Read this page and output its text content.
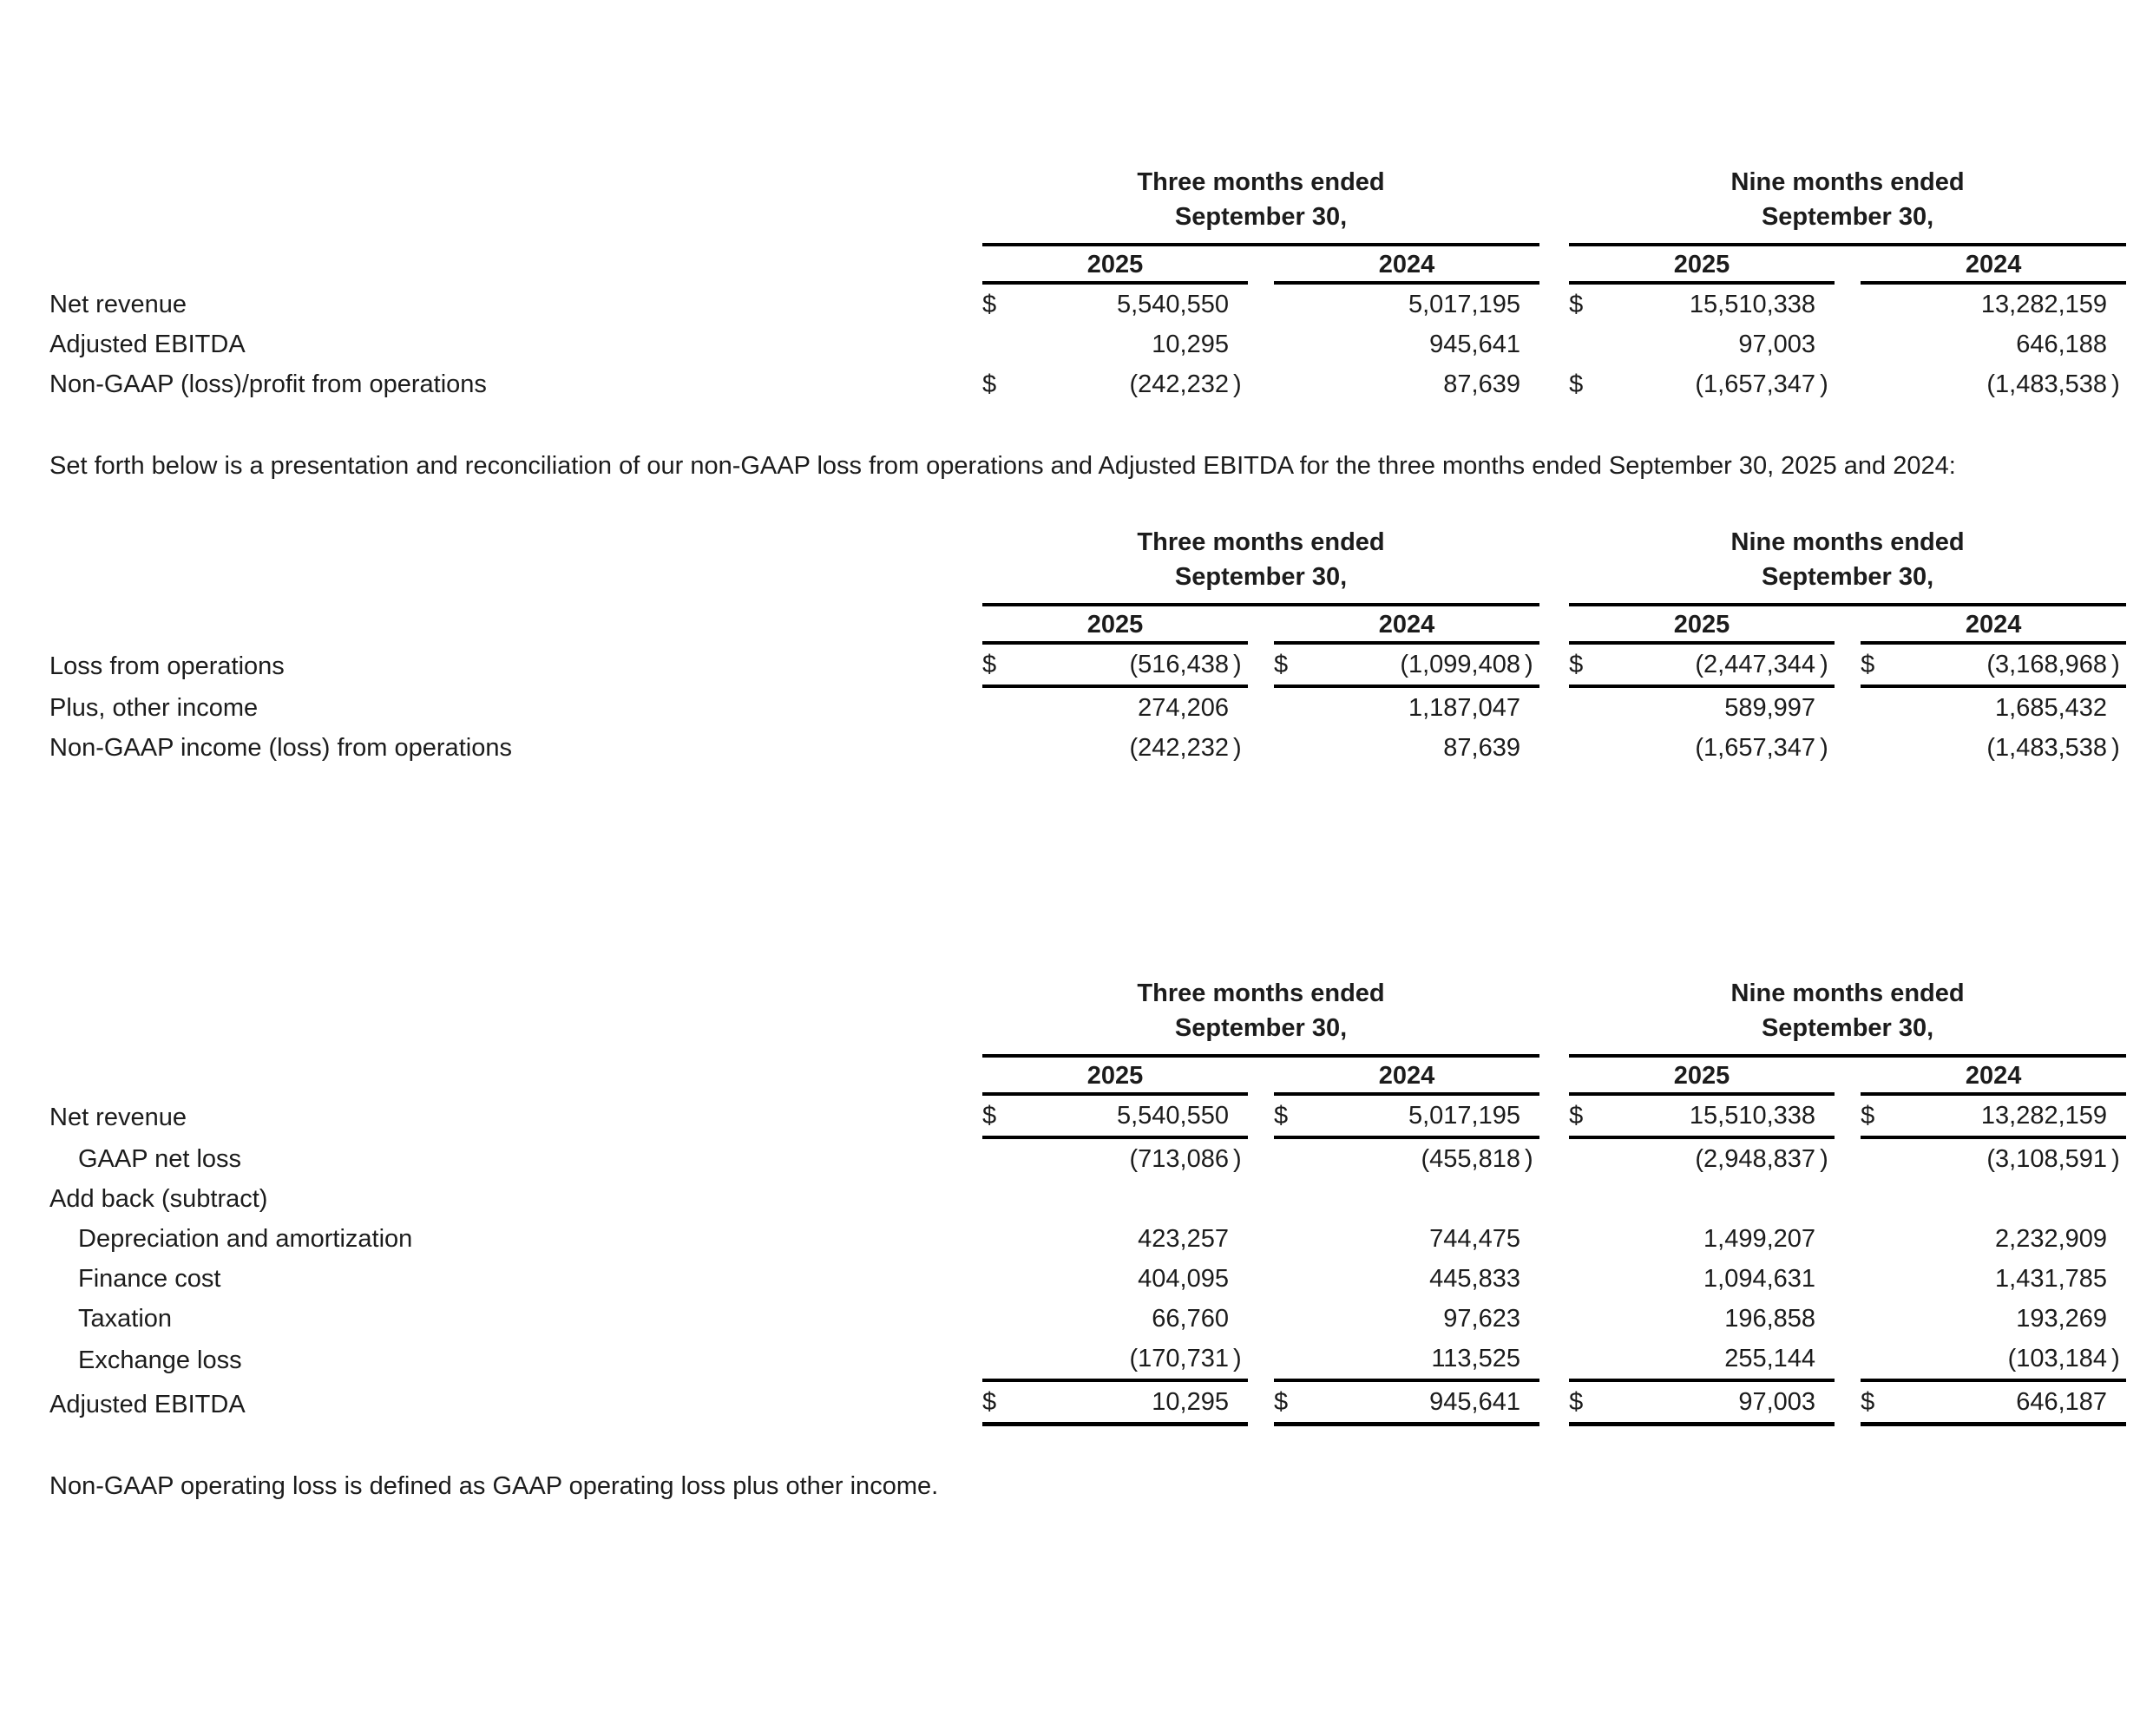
	Three months ended
September 30,								Nine months ended
September 30,						

	2025				2024				2025				2024		
Net revenue	$	5,540,550				5,017,195			$	15,510,338				13,282,159	
Adjusted EBITDA		10,295				945,641				97,003				646,188	
Non-GAAP (loss)/profit from operations	$	(242,232	)			87,639			$	(1,657,347	)			(1,483,538	)

Set forth below is a presentation and reconciliation of our non-GAAP loss from operations and Adjusted EBITDA for the three months ended September 30, 2025 and 2024:

	Three months ended
September 30,								Nine months ended
September 30,						

	2025				2024				2025				2024		
Loss from operations	$	(516,438	)		$	(1,099,408	)		$	(2,447,344	)		$	(3,168,968	)
Plus, other income		274,206				1,187,047				589,997				1,685,432	
Non-GAAP income (loss) from operations		(242,232	)			87,639				(1,657,347	)			(1,483,538	)

	Three months ended
September 30,								Nine months ended
September 30,						

	2025				2024				2025				2024		
Net revenue	$	5,540,550			$	5,017,195			$	15,510,338			$	13,282,159	
GAAP net loss		(713,086	)			(455,818	)			(2,948,837	)			(3,108,591	)
Add back (subtract)															
Depreciation and amortization		423,257				744,475				1,499,207				2,232,909	
Finance cost		404,095				445,833				1,094,631				1,431,785	
Taxation		66,760				97,623				196,858				193,269	
Exchange loss		(170,731	)			113,525				255,144				(103,184	)
Adjusted EBITDA	$	10,295			$	945,641			$	97,003			$	646,187	

Non-GAAP operating loss is defined as GAAP operating loss plus other income.
